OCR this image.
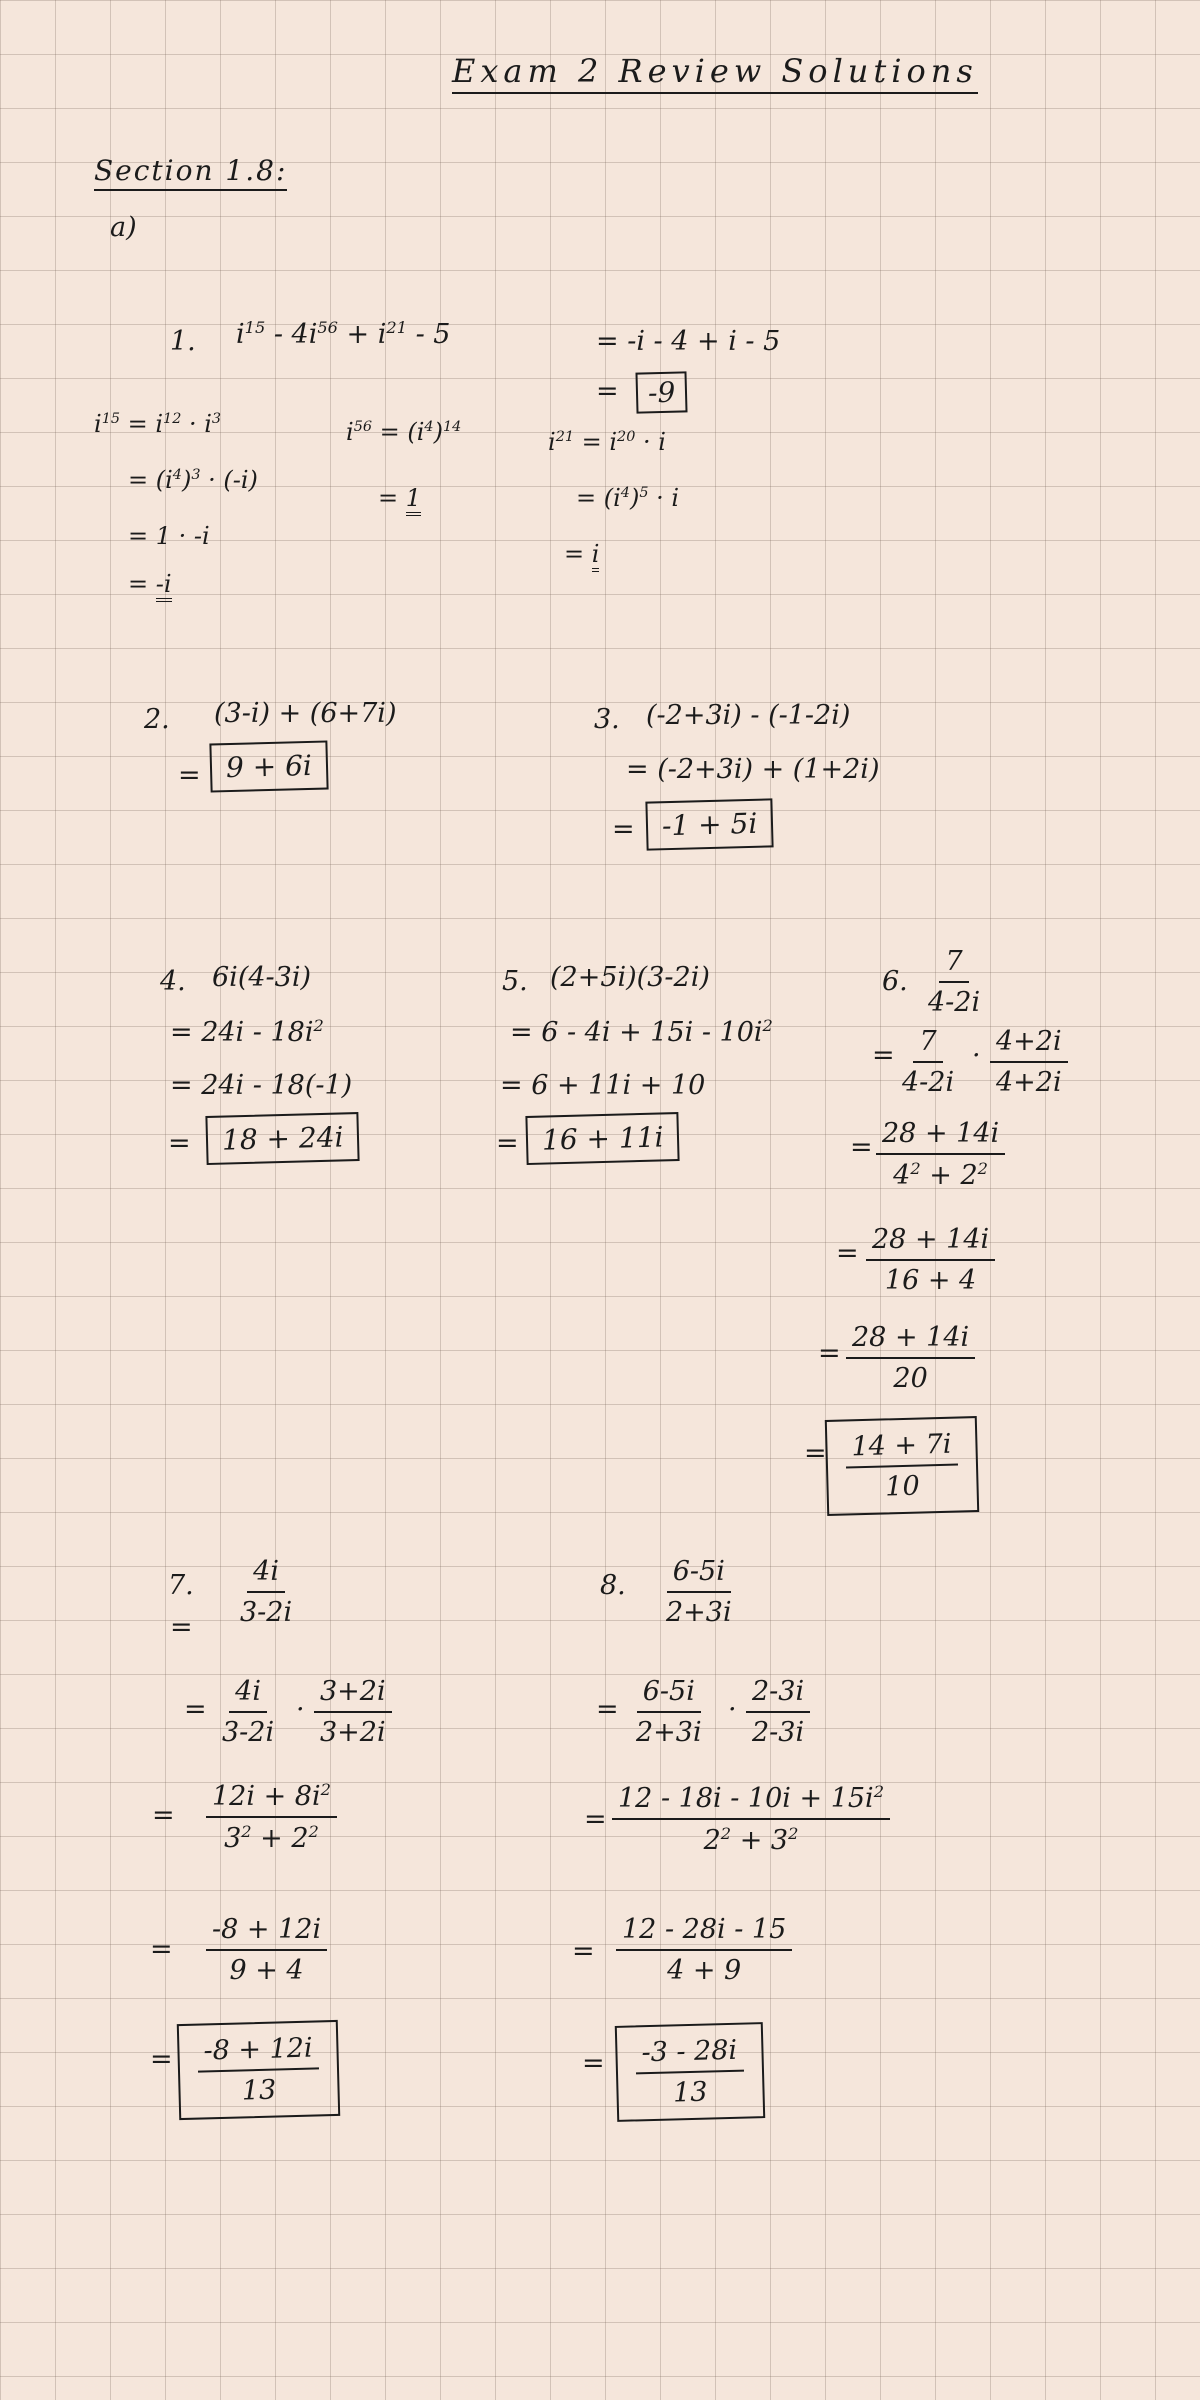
Exam 2 Review Solutions
Section 1.8:
a)
1. $i^{15} - 4i^{56} + i^{21} - 5$	= -i - 4 + i - 5
=	-9
$i^{15} = i^{12} \cdot i^3$
= $(i^4)^3 \cdot (-i)$
= 1 · -i
= -i
$i^{56} = (i^4)^{14}$
= 1
$i^{21} = i^{20} \cdot i$
= $(i^4)^5 \cdot i$
= i
2. (3-i) + (6+7i)
= 9 + 6i
3. (-2+3i) - (-1-2i)
= (-2+3i) + (1+2i)
= -1 + 5i
4. 6i(4-3i)
= $24i - 18i^2$
= 24i - 18(-1)
=	18 + 24i
5. (2+5i)(3-2i)
= $6 - 4i + 15i - 10i^2$
= 6 + 11i + 10
= 16 + 11i
6. $\frac{7}{4-2i}$
= $\frac{7}{4-2i} \cdot \frac{4+2i}{4+2i}$
= $\frac{28 + 14i}{4^2 + 2^2}$
= $\frac{28 + 14i}{16 + 4}$
= $\frac{28 + 14i}{20}$
=
$\frac{14 + 7i}{10}$
7.
= $\frac{4i}{3-2i}$
= $\frac{4i}{3-2i} \cdot \frac{3+2i}{3+2i}$
= $\frac{12i + 8i^2}{3^2 + 2^2}$
= $\frac{-8 + 12i}{9 + 4}$
= $\frac{-8 + 12i}{13}$
8. $\frac{6-5i}{2+3i}$
= $\frac{6-5i}{2+3i} \cdot \frac{2-3i}{2-3i}$
= $\frac{12 - 18i - 10i + 15i^2}{2^2 + 3^2}$
= $\frac{12 - 28i - 15}{4 + 9}$
= $\frac{-3 - 28i}{13}$
